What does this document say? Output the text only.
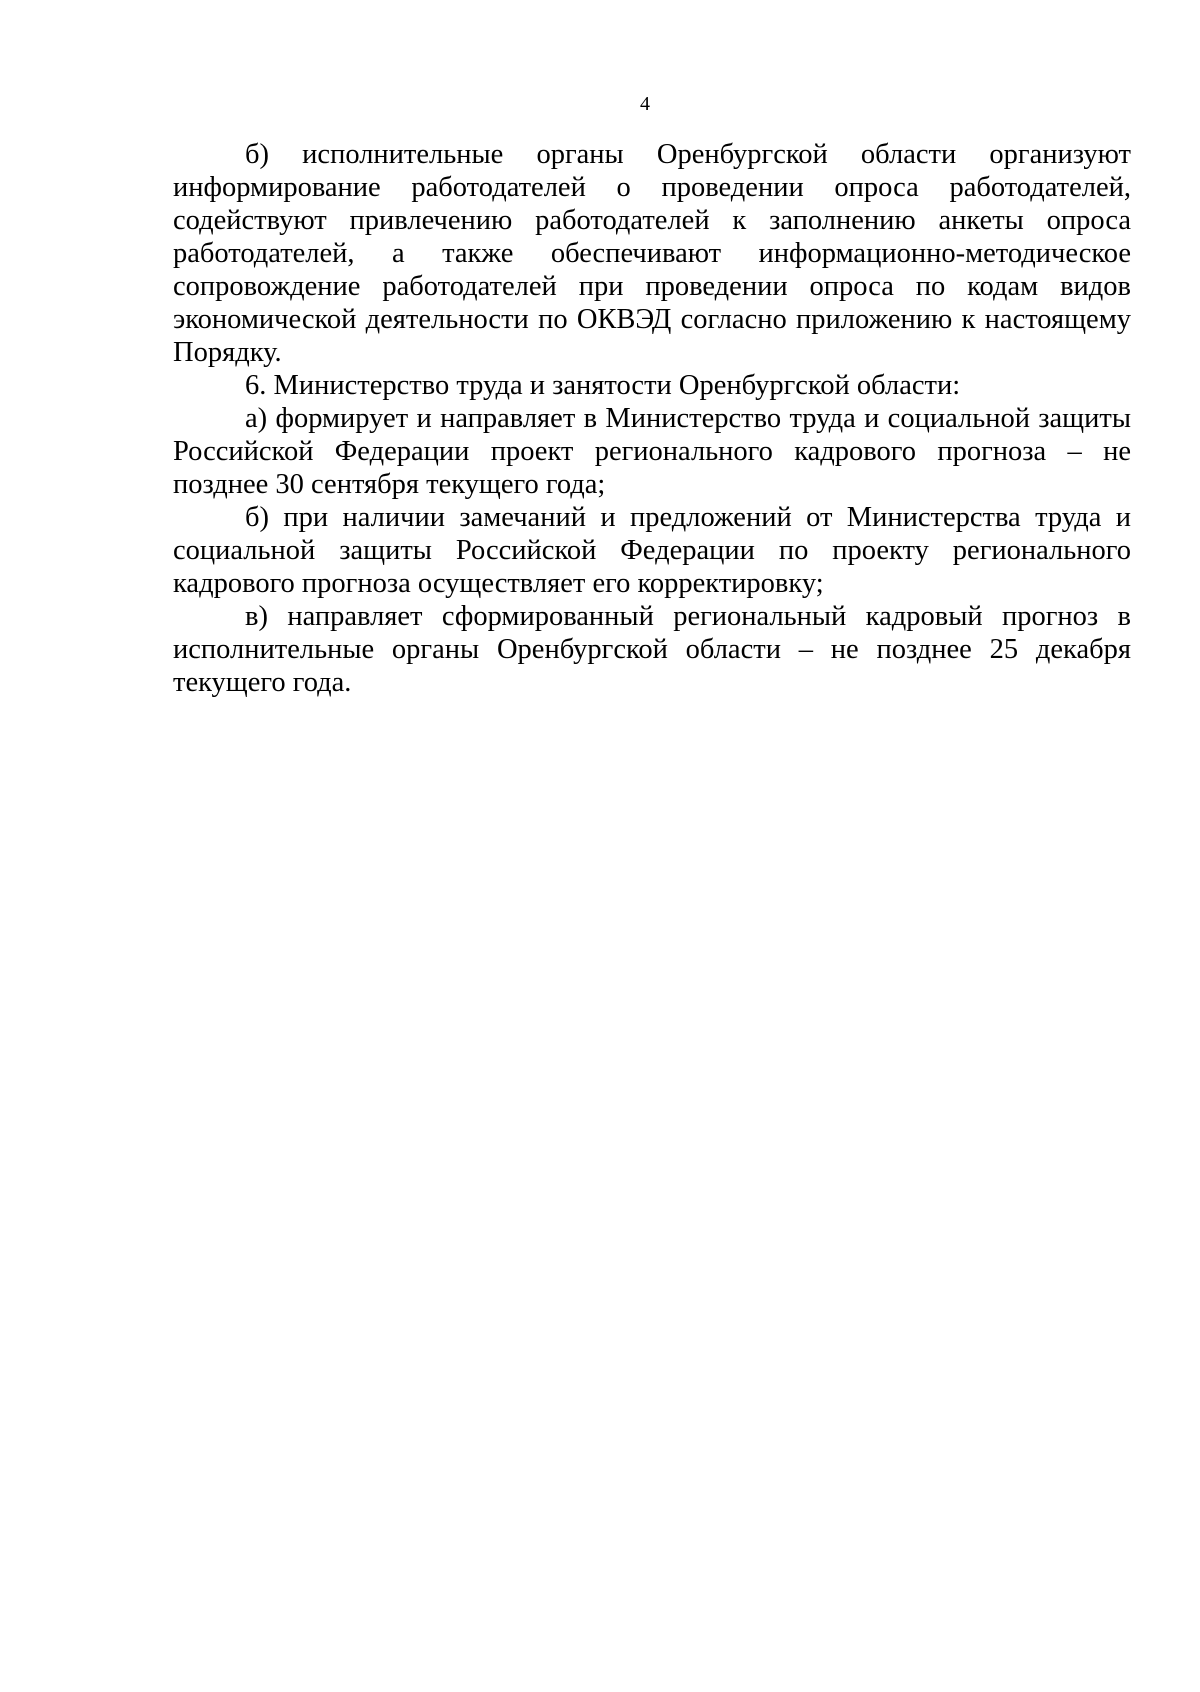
4

б) исполнительные органы Оренбургской области организуют информирование работодателей о проведении опроса работодателей, содействуют привлечению работодателей к заполнению анкеты опроса работодателей, а также обеспечивают информационно-методическое сопровождение работодателей при проведении опроса по кодам видов экономической деятельности по ОКВЭД согласно приложению к настоящему Порядку.

6. Министерство труда и занятости Оренбургской области:

а) формирует и направляет в Министерство труда и социальной защиты Российской Федерации проект регионального кадрового прогноза – не позднее 30 сентября текущего года;

б) при наличии замечаний и предложений от Министерства труда и социальной защиты Российской Федерации по проекту регионального кадрового прогноза осуществляет его корректировку;

в) направляет сформированный региональный кадровый прогноз в исполнительные органы Оренбургской области – не позднее 25 декабря текущего года.
